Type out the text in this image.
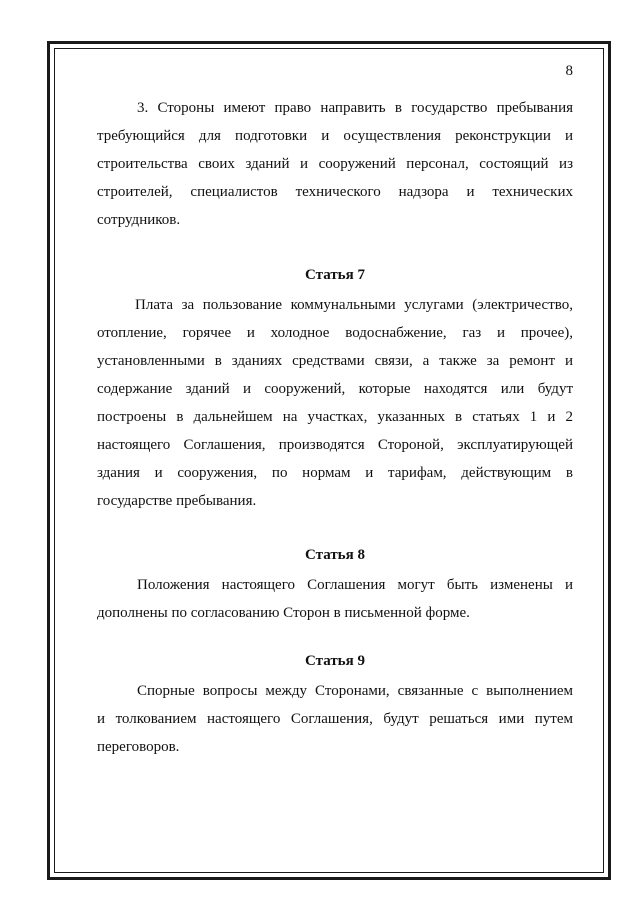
8
3. Стороны имеют право направить в государство пребывания
требующийся для подготовки и осуществления реконструкции и
строительства своих зданий и сооружений персонал, состоящий из
строителей, специалистов технического надзора и технических
сотрудников.
Статья 7
Плата за пользование коммунальными услугами (электричество,
отопление, горячее и холодное водоснабжение, газ и прочее),
установленными в зданиях средствами связи, а также за ремонт и
содержание зданий и сооружений, которые находятся или будут
построены в дальнейшем на участках, указанных в статьях 1 и 2
настоящего Соглашения, производятся Стороной, эксплуатирующей
здания и сооружения, по нормам и тарифам, действующим в
государстве пребывания.
Статья 8
Положения настоящего Соглашения могут быть изменены и
дополнены по согласованию Сторон в письменной форме.
Статья 9
Спорные вопросы между Сторонами, связанные с выполнением
и толкованием настоящего Соглашения, будут решаться ими путем
переговоров.
